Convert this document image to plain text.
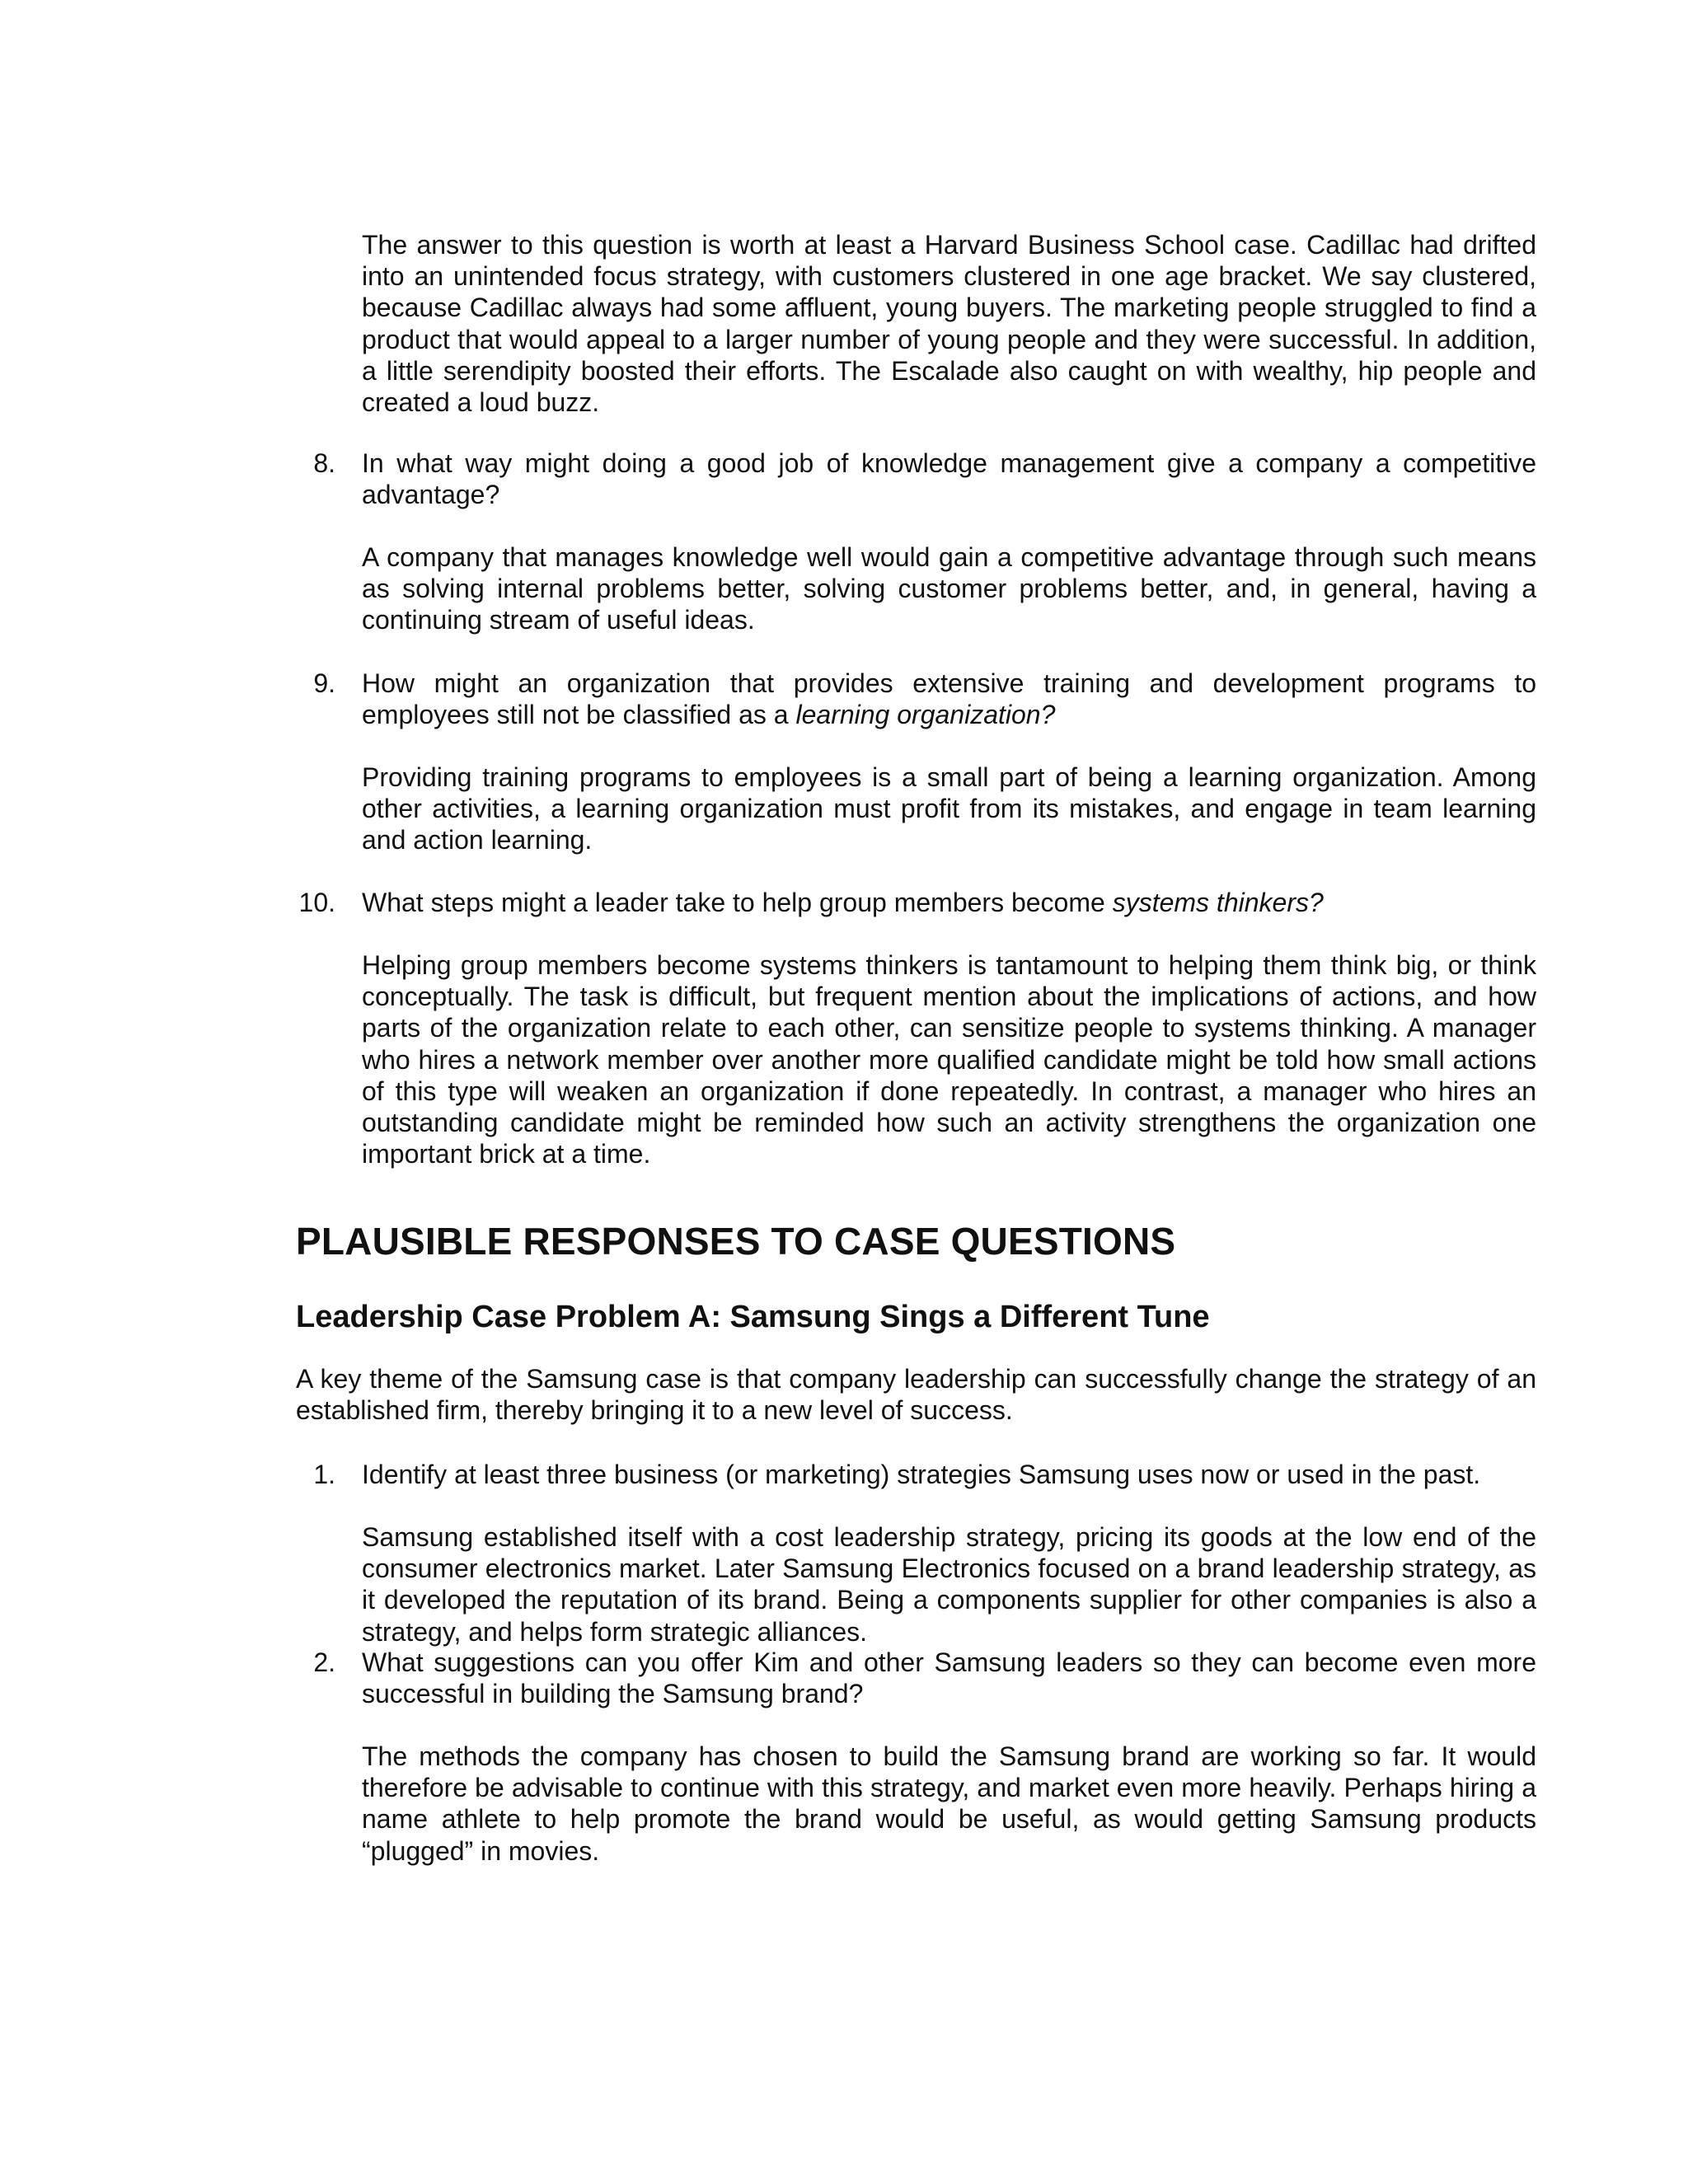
The answer to this question is worth at least a Harvard Business School case. Cadillac had drifted into an unintended focus strategy, with customers clustered in one age bracket. We say clustered, because Cadillac always had some affluent, young buyers. The marketing people struggled to find a product that would appeal to a larger number of young people and they were successful. In addition, a little serendipity boosted their efforts. The Escalade also caught on with wealthy, hip people and created a loud buzz.
8. In what way might doing a good job of knowledge management give a company a competitive advantage?
A company that manages knowledge well would gain a competitive advantage through such means as solving internal problems better, solving customer problems better, and, in general, having a continuing stream of useful ideas.
9. How might an organization that provides extensive training and development programs to employees still not be classified as a learning organization?
Providing training programs to employees is a small part of being a learning organization. Among other activities, a learning organization must profit from its mistakes, and engage in team learning and action learning.
10. What steps might a leader take to help group members become systems thinkers?
Helping group members become systems thinkers is tantamount to helping them think big, or think conceptually. The task is difficult, but frequent mention about the implications of actions, and how parts of the organization relate to each other, can sensitize people to systems thinking. A manager who hires a network member over another more qualified candidate might be told how small actions of this type will weaken an organization if done repeatedly. In contrast, a manager who hires an outstanding candidate might be reminded how such an activity strengthens the organization one important brick at a time.
PLAUSIBLE RESPONSES TO CASE QUESTIONS
Leadership Case Problem A: Samsung Sings a Different Tune
A key theme of the Samsung case is that company leadership can successfully change the strategy of an established firm, thereby bringing it to a new level of success.
1. Identify at least three business (or marketing) strategies Samsung uses now or used in the past.
Samsung established itself with a cost leadership strategy, pricing its goods at the low end of the consumer electronics market. Later Samsung Electronics focused on a brand leadership strategy, as it developed the reputation of its brand. Being a components supplier for other companies is also a strategy, and helps form strategic alliances.
2. What suggestions can you offer Kim and other Samsung leaders so they can become even more successful in building the Samsung brand?
The methods the company has chosen to build the Samsung brand are working so far. It would therefore be advisable to continue with this strategy, and market even more heavily. Perhaps hiring a name athlete to help promote the brand would be useful, as would getting Samsung products “plugged” in movies.
